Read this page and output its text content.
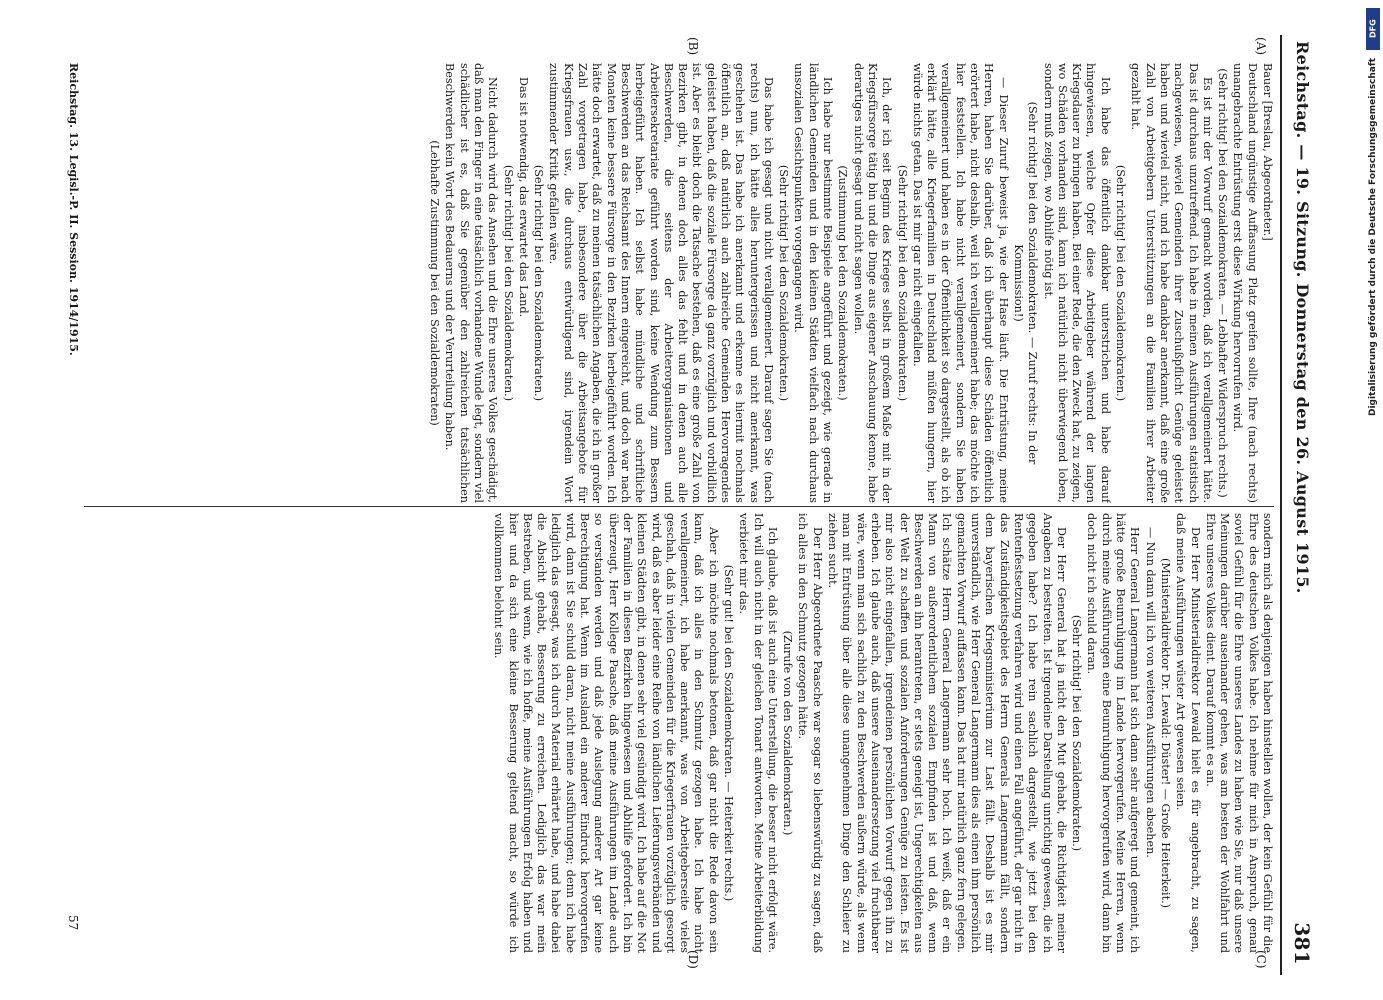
Reichstag. — 19. Sitzung. Donnerstag den 26. August 1915.
381

Bauer [Breslau, Abgeordneter.]

Deutschland ungünstige Auffassung Platz greifen sollte, Ihre (nach rechts) unangebrachte Entrüstung erst diese Wirkung hervorrufen wird.

(Sehr richtig! bei den Sozialdemokraten. — Lebhafter Widerspruch rechts.)

Es ist mir der Vorwurf gemacht worden, daß ich verallgemeinert hätte. Das ist durchaus unzutreffend. Ich habe in meinen Ausführungen statistisch nachgewiesen, wieviel Gemeinden ihrer Zuschußpflicht Genüge geleistet haben und wieviel nicht, und ich habe dankbar anerkannt, daß eine große Zahl von Arbeitgebern Unterstützungen an die Familien ihrer Arbeiter gezahlt hat.

(Sehr richtig! bei den Sozialdemokraten.)

Ich habe das öffentlich dankbar unterstrichen und habe darauf hingewiesen, welche Opfer diese Arbeitgeber während der langen Kriegsdauer zu bringen haben. Bei einer Rede, die den Zweck hat, zu zeigen, wo Schäden vorhanden sind, kann ich natürlich nicht überwiegend loben, sondern muß zeigen, wo Abhilfe nötig ist.

(Sehr richtig! bei den Sozialdemokraten. — Zuruf rechts: In der Kommission!)

— Dieser Zuruf beweist ja, wie der Hase läuft. Die Entrüstung, meine Herren, haben Sie darüber, daß ich überhaupt diese Schäden öffentlich erörtert habe, nicht deshalb, weil ich verallgemeinert habe; das möchte ich hier feststellen. Ich habe nicht verallgemeinert, sondern Sie haben verallgemeinert und haben es in der Öffentlichkeit so dargestellt, als ob ich erklärt hätte, alle Kriegerfamilien in Deutschland müßten hungern, hier würde nichts getan. Das ist mir gar nicht eingefallen.

(Sehr richtig! bei den Sozialdemokraten.)

Ich, der ich seit Beginn des Krieges selbst in großem Maße mit in der Kriegsfürsorge tätig bin und die Dinge aus eigener Anschauung kenne, habe derartiges nicht gesagt und nicht sagen wollen.

(Zustimmung bei den Sozialdemokraten.)

Ich habe nur bestimmte Beispiele angeführt und gezeigt, wie gerade in ländlichen Gemeinden und in den kleinen Städten vielfach nach durchaus unsozialen Gesichtspunkten vorgegangen wird.

(Sehr richtig! bei den Sozialdemokraten.)

Das habe ich gesagt und nicht verallgemeinert. Darauf sagen Sie (nach rechts) nun, ich hätte alles heruntergerissen und nicht anerkannt, was geschehen ist. Das habe ich anerkannt und erkenne es hiermit nochmals öffentlich an, daß natürlich auch zahlreiche Gemeinden Hervorragendes geleistet haben, daß die soziale Fürsorge da ganz vorzüglich und vorbildlich ist. Aber es bleibt doch die Tatsache bestehen, daß es eine große Zahl von Bezirken gibt, in denen doch alles das fehlt und in denen auch alle Beschwerden, die seitens der Arbeiterorganisationen und Arbeitersekretariate geführt worden sind, keine Wendung zum Bessern herbeigeführt haben. Ich selbst habe mündliche und schriftliche Beschwerden an das Reichsamt des Innern eingereicht, und doch war nach Monaten keine bessere Fürsorge in den Bezirken herbeigeführt worden. Ich hätte doch erwartet, daß zu meinen tatsächlichen Angaben, die ich in großer Zahl vorgetragen habe, insbesondere über die Arbeitsangebote für Kriegsfrauen usw., die durchaus entwürdigend sind, irgendein Wort zustimmender Kritik gefallen wäre.

(Sehr richtig! bei den Sozialdemokraten.)

Das ist notwendig, das erwartet das Land.

(Sehr richtig! bei den Sozialdemokraten.)

Nicht dadurch wird das Ansehen und die Ehre unseres Volkes geschädigt, daß man den Finger in eine tatsächlich vorhandene Wunde legt, sondern viel schädlicher ist es, daß Sie gegenüber den zahlreichen tatsächlichen Beschwerden kein Wort des Bedauerns und der Verurteilung haben.

(Lebhafte Zustimmung bei den Sozialdemokraten)

sondern mich als denjenigen haben hinstellen wollen, der kein Gefühl für die Ehre des deutschen Volkes habe. Ich nehme für mich in Anspruch, genau soviel Gefühl für die Ehre unseres Landes zu haben wie Sie, nur daß unsere Meinungen darüber auseinander gehen, was am besten der Wohlfahrt und Ehre unseres Volkes dient. Darauf kommt es an.

Der Herr Ministerialdirektor Lewald hielt es für angebracht, zu sagen, daß meine Ausführungen wüster Art gewesen seien.

(Ministerialdirektor Dr. Lewald: Düster! — Große Heiterkeit.)

— Nun dann will ich von weiteren Ausführungen absehen.

Herr General Langermann hat sich dann sehr aufgeregt und gemeint, ich hätte große Beunruhigung im Lande hervorgerufen. Meine Herren, wenn durch meine Ausführungen eine Beunruhigung hervorgerufen wird, dann bin doch nicht ich schuld daran.

(Sehr richtig! bei den Sozialdemokraten.)

Der Herr General hat ja nicht den Mut gehabt, die Richtigkeit meiner Angaben zu bestreiten. Ist irgendeine Darstellung unrichtig gewesen, die ich gegeben habe? Ich habe rein sachlich dargestellt, wie jetzt bei den Rentenfestsetzung verfahren wird und einen Fall angeführt, der gar nicht in das Zuständigkeitsgebiet des Herrn Generals Langermann fällt, sondern dem bayerischen Kriegsministerium zur Last fällt. Deshalb ist es mir unverständlich, wie Herr General Langermann dies als einen ihm persönlich gemachten Vorwurf auffassen kann. Das hat mir natürlich ganz fern gelegen. Ich schätze Herrn General Langermann sehr hoch. Ich weiß, daß er ein Mann von außerordentlichem sozialen Empfinden ist und daß, wenn Beschwerden an ihn herantreten, er stets geneigt ist, Ungerechtigkeiten aus der Welt zu schaffen und sozialen Anforderungen Genüge zu leisten. Es ist mir also nicht eingefallen, irgendeinen persönlichen Vorwurf gegen ihn zu erheben. Ich glaube auch, daß unsere Auseinandersetzung viel fruchtbarer wäre, wenn man sich sachlich zu den Beschwerden äußern würde, als wenn man mit Entrüstung über alle diese unangenehmen Dinge den Schleier zu ziehen sucht.

Der Herr Abgeordnete Paasche war sogar so liebenswürdig zu sagen, daß ich alles in den Schmutz gezogen hätte.

(Zurufe von den Sozialdemokraten.)

Ich glaube, daß ist auch eine Unterstellung, die besser nicht erfolgt wäre. Ich will auch nicht in der gleichen Tonart antworten. Meine Arbeiterbildung verbietet mir das.

(Sehr gut! bei den Sozialdemokraten. — Heiterkeit rechts.)

Aber ich möchte nochmals betonen, daß gar nicht die Rede davon sein kann, daß ich alles in den Schmutz gezogen habe. Ich habe nicht verallgemeinert, ich habe anerkannt, was von Arbeitgeberseite vieles geschah, daß in vielen Gemeinden für die Kriegerfrauen vorzüglich gesorgt wird, daß es aber leider eine Reihe von ländlichen Lieferungsverbänden und kleinen Städten gibt, in denen sehr viel gesündigt wird. Ich habe auf die Not der Familien in diesen Bezirken hingewiesen und Abhilfe gefordert. Ich bin überzeugt, Herr Kollege Paasche, daß meine Ausführungen im Lande auch so verstanden werden und daß jede Auslegung anderer Art gar keine Berechtigung hat. Wenn im Ausland ein anderer Eindruck hervorgerufen wird, dann ist Sie schuld daran, nicht meine Ausführungen; denn ich habe lediglich das gesagt, was ich durch Material erhärtet habe, und habe dabei die Absicht gehabt, Besserung zu erreichen. Lediglich das war mein Bestreben, und wenn, wie ich hoffe, meine Ausführungen Erfolg haben und hier und da sich eine kleine Besserung geltend macht, so würde ich vollkommen belohnt sein.

(A)
(B)
(C)
(D)
Reichstag. 13. Legisl.-P. II. Session. 1914/1915.
57
DFG
Digitalisierung gefördert durch die Deutsche Forschungsgemeinschaft
